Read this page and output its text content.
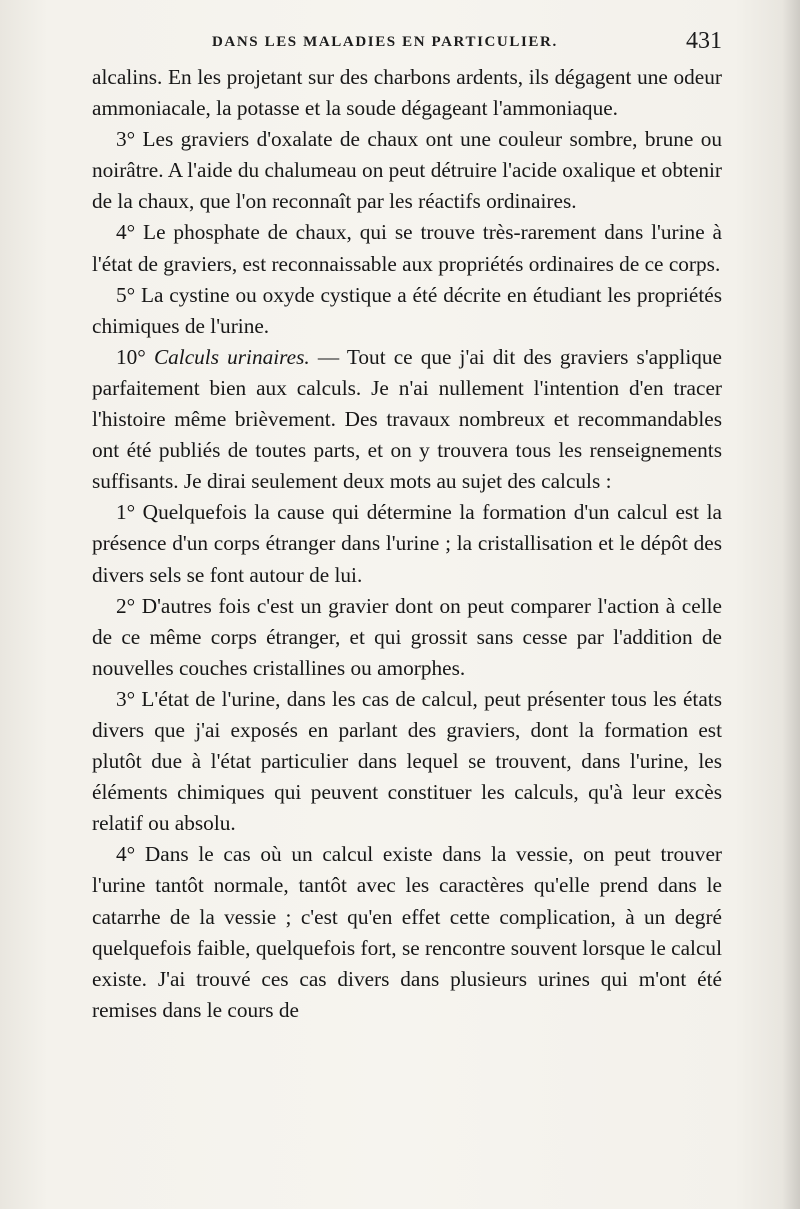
DANS LES MALADIES EN PARTICULIER.	431

alcalins. En les projetant sur des charbons ardents, ils dégagent une odeur ammoniacale, la potasse et la soude dégageant l'ammoniaque.

3° Les graviers d'oxalate de chaux ont une couleur sombre, brune ou noirâtre. A l'aide du chalumeau on peut détruire l'acide oxalique et obtenir de la chaux, que l'on reconnaît par les réactifs ordinaires.

4° Le phosphate de chaux, qui se trouve très-rarement dans l'urine à l'état de graviers, est reconnaissable aux propriétés ordinaires de ce corps.

5° La cystine ou oxyde cystique a été décrite en étudiant les propriétés chimiques de l'urine.

10° Calculs urinaires. — Tout ce que j'ai dit des graviers s'applique parfaitement bien aux calculs. Je n'ai nullement l'intention d'en tracer l'histoire même brièvement. Des travaux nombreux et recommandables ont été publiés de toutes parts, et on y trouvera tous les renseignements suffisants. Je dirai seulement deux mots au sujet des calculs :

1° Quelquefois la cause qui détermine la formation d'un calcul est la présence d'un corps étranger dans l'urine ; la cristallisation et le dépôt des divers sels se font autour de lui.

2° D'autres fois c'est un gravier dont on peut comparer l'action à celle de ce même corps étranger, et qui grossit sans cesse par l'addition de nouvelles couches cristallines ou amorphes.

3° L'état de l'urine, dans les cas de calcul, peut présenter tous les états divers que j'ai exposés en parlant des graviers, dont la formation est plutôt due à l'état particulier dans lequel se trouvent, dans l'urine, les éléments chimiques qui peuvent constituer les calculs, qu'à leur excès relatif ou absolu.

4° Dans le cas où un calcul existe dans la vessie, on peut trouver l'urine tantôt normale, tantôt avec les caractères qu'elle prend dans le catarrhe de la vessie ; c'est qu'en effet cette complication, à un degré quelquefois faible, quelquefois fort, se rencontre souvent lorsque le calcul existe. J'ai trouvé ces cas divers dans plusieurs urines qui m'ont été remises dans le cours de
